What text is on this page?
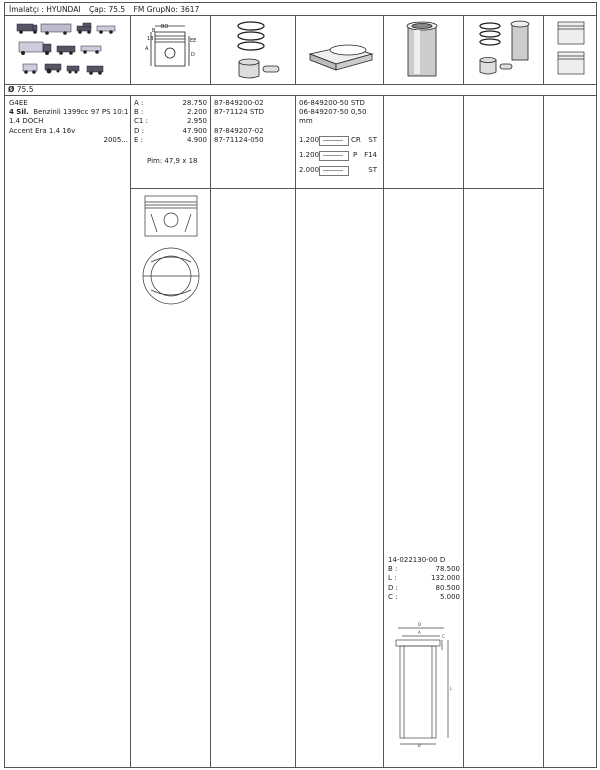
İmalatçı : HYUNDAI Çap: 75.5 FM GrupNo: 3617
B
BO
1B	EE
A
D
Ø 75.5
G4EE
4 Sil. Benzinli 1399cc 97 PS 10:1
1.4 DOCH
Accent Era 1.4 16v
2005...
A :	28.750
B :	2.200
C1 :	2.950
D :	47.900
E :	4.900
Pim: 47,9 x 18
87-849200-02
87-71124 STD

87-849207-02
87-71124-050
06-849200-50 STD
06-849207-50 0,50
mm
1.200	CR ST
1.200	P F14
2.000	ST
14-022130-00 D
B :	78.500
L :	132.000
D :	80.500
C :	5.000
D
A
B
L
C
